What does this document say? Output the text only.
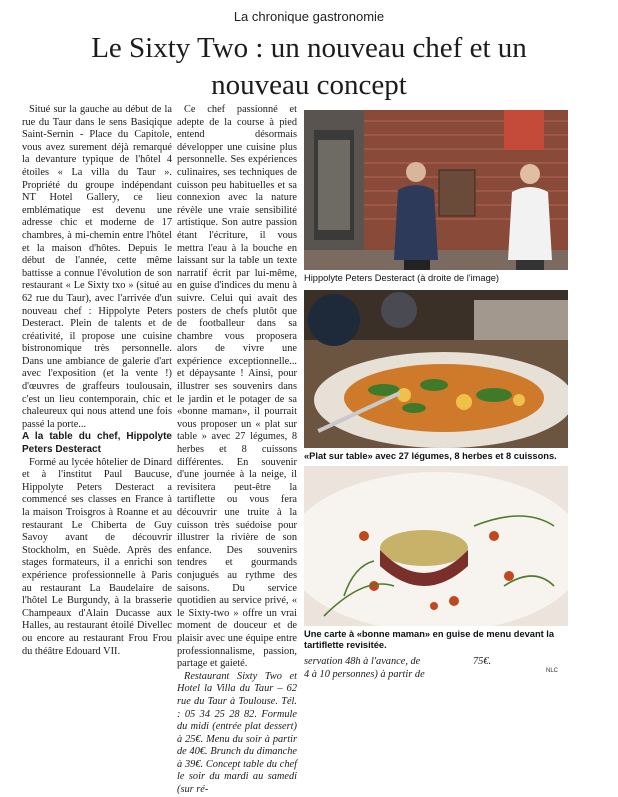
La chronique gastronomie
Le Sixty Two : un nouveau chef et un
nouveau concept

Situé sur la gauche au début de la rue du Taur dans le sens Basiqique Saint-Sernin - Place du Capitole, vous avez surement déjà remarqué la devanture typique de l'hôtel 4 étoiles « La villa du Taur ». Propriété du groupe indépendant NT Hotel Gallery, ce lieu emblématique est devenu une adresse chic et moderne de 17 chambres, à mi-chemin entre l'hôtel et la maison d'hôtes. Depuis le début de l'année, cette même battisse a connue l'évolution de son restaurant « Le Sixty txo » (situé au 62 rue du Taur), avec l'arrivée d'un nouveau chef : Hippolyte Peters Desteract. Plein de talents et de créativité, il propose une cuisine bistronomique très personnelle. Dans une ambiance de galerie d'art avec l'exposition (et la vente !) d'œuvres de graffeurs toulousain, c'est un lieu contemporain, chic et chaleureux qui nous attend une fois passé la porte...

A la table du chef, Hippolyte Peters Desteract

Formé au lycée hôtelier de Dinard et à l'institut Paul Baucuse, Hippolyte Peters Desteract a commencé ses classes en France à la maison Troisgros à Roanne et au restaurant Le Chiberta de Guy Savoy avant de découvrir Stockholm, en Suède. Après des stages formateurs, il a enrichi son expérience professionnelle à Paris au restaurant La Baudelaire de l'hôtel Le Burgundy, à la brasserie Champeaux d'Alain Ducasse aux Halles, au restaurant étoilé Divellec ou encore au restaurant Frou Frou du théâtre Edouard VII.

Ce chef passionné et adepte de la course à pied entend désormais développer une cuisine plus personnelle. Ses expériences culinaires, ses techniques de cuisson peu habituelles et sa connexion avec la nature révèle une vraie sensibilité artistique. Son autre passion étant l'écriture, il vous mettra l'eau à la bouche en laissant sur la table un texte narratif écrit par lui-même, en guise d'indices du menu à suivre. Celui qui avait des posters de chefs plutôt que de footballeur dans sa chambre vous proposera alors de vivre une expérience exceptionnelle... et dépaysante ! Ainsi, pour illustrer ses souvenirs dans le jardin et le potager de sa «bonne maman», il pourrait vous proposer un « plat sur table » avec 27 légumes, 8 herbes et 8 cuissons différentes. En souvenir d'une journée à la neige, il revisitera peut-être la tartiflette ou vous fera découvrir une truite à la cuisson très suédoise pour illustrer la rivière de son enfance. Des souvenirs tendres et gourmands conjugués au rythme des saisons. Du service quotidien au service privé, « le Sixty-two » offre un vrai moment de douceur et de plaisir avec une équipe entre professionnalisme, passion, partage et gaieté.

Restaurant Sixty Two et Hotel la Villa du Taur – 62 rue du Taur à Toulouse. Tél. : 05 34 25 28 82. Formule du midi (entrée plat dessert) à 25€. Menu du soir à partir de 40€. Brunch du dimanche à 39€. Concept table du chef le soir du mardi au samedi (sur ré-

Hippolyte Peters Desteract (à droite de l'image)
«Plat sur table» avec 27 légumes, 8 herbes et 8 cuissons.
Une carte à «bonne maman» en guise de menu devant la tartiflette revisitée.
servation 48h à l'avance, de
4 à 10 personnes) à partir de
75€.
NLC
